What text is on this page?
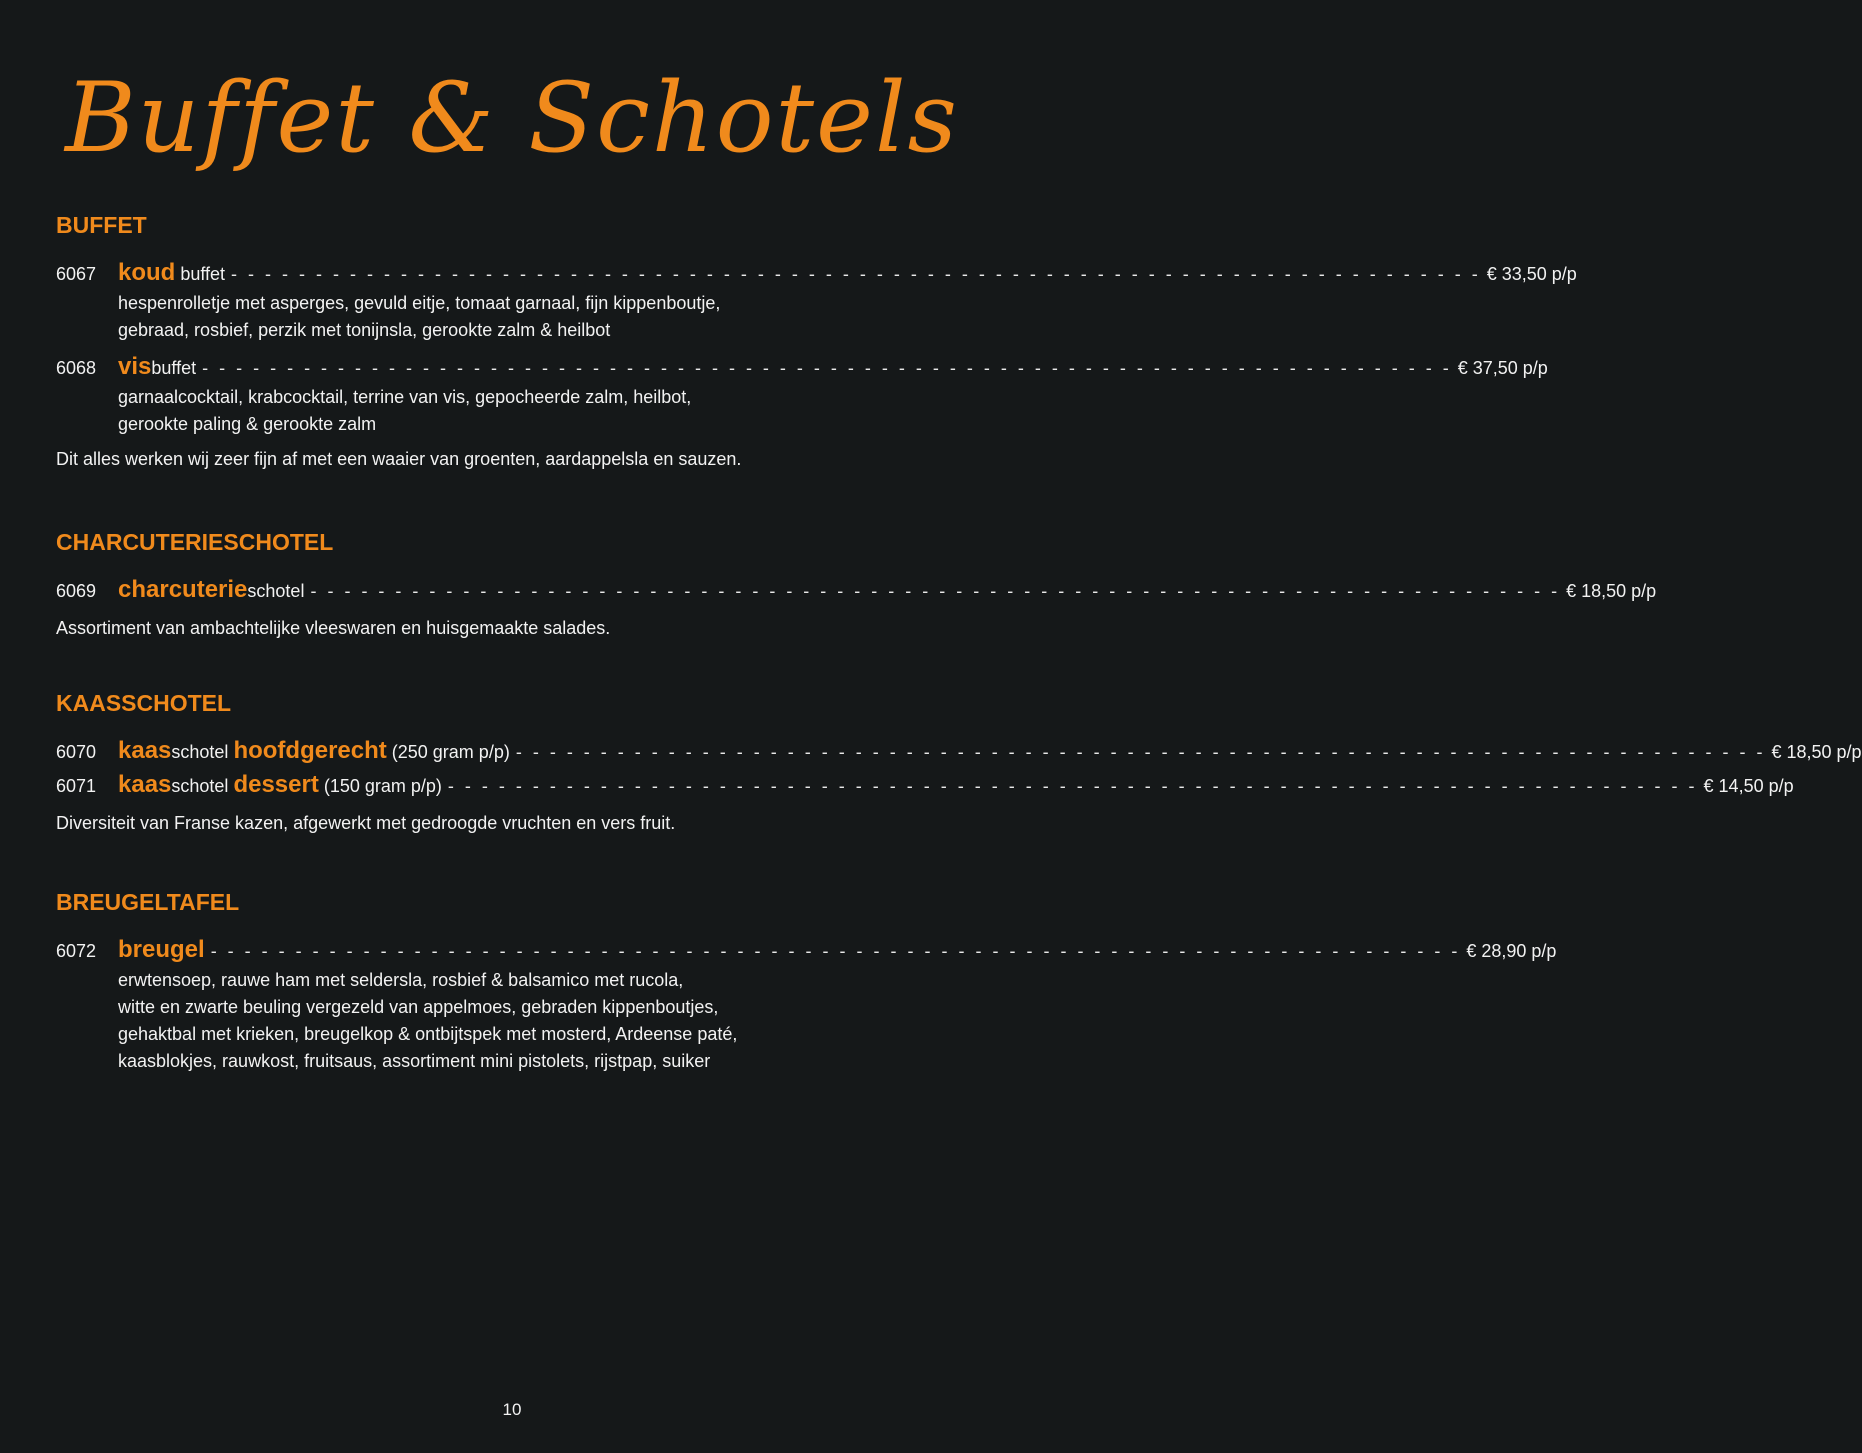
Buffet & Schotels
BUFFET
6067 koud buffet - - - - - - - - - - - - - - - - - - - - - - - - - - - - - - - - - - - - - - - - - - - - - - - - - - - - - - - - - - - - - - - - - - - - - - - - - - € 33,50 p/p
hespenrolletje met asperges, gevuld eitje, tomaat garnaal, fijn kippenboutje,
gebraad, rosbief, perzik met tonijnsla, gerookte zalm & heilbot
6068 visbuffet - - - - - - - - - - - - - - - - - - - - - - - - - - - - - - - - - - - - - - - - - - - - - - - - - - - - - - - - - - - - - - - - - - - - - - - - - - € 37,50 p/p
garnaalcocktail, krabcocktail, terrine van vis, gepocheerde zalm, heilbot,
gerookte paling & gerookte zalm
Dit alles werken wij zeer fijn af met een waaier van groenten, aardappelsla en sauzen.
CHARCUTERIESCHOTEL
6069 charcuterieschotel - - - - - - - - - - - - - - - - - - - - - - - - - - - - - - - - - - - - - - - - - - - - - - - - - - - - - - - - - - - - - - - - - - - - - - - - - - € 18,50 p/p
Assortiment van ambachtelijke vleeswaren en huisgemaakte salades.
KAASSCHOTEL
6070 kaasschotel hoofdgerecht (250 gram p/p) - - - - - - - - - - - - - - - - - - - - - - - - - - - - - - - - - - - - - - - - - - - - - - - - - - - - - - - - - - - - - - - - - - - - - - - - - - € 18,50 p/p
6071 kaasschotel dessert (150 gram p/p) - - - - - - - - - - - - - - - - - - - - - - - - - - - - - - - - - - - - - - - - - - - - - - - - - - - - - - - - - - - - - - - - - - - - - - - - - - € 14,50 p/p
Diversiteit van Franse kazen, afgewerkt met gedroogde vruchten en vers fruit.
BREUGELTAFEL
6072 breugel - - - - - - - - - - - - - - - - - - - - - - - - - - - - - - - - - - - - - - - - - - - - - - - - - - - - - - - - - - - - - - - - - - - - - - - - - - € 28,90 p/p
erwtensoep, rauwe ham met seldersla, rosbief & balsamico met rucola,
witte en zwarte beuling vergezeld van appelmoes, gebraden kippenboutjes,
gehaktbal met krieken, breugelkop & ontbijtspek met mosterd, Ardeense paté,
kaasblokjes, rauwkost, fruitsaus, assortiment mini pistolets, rijstpap, suiker
10
